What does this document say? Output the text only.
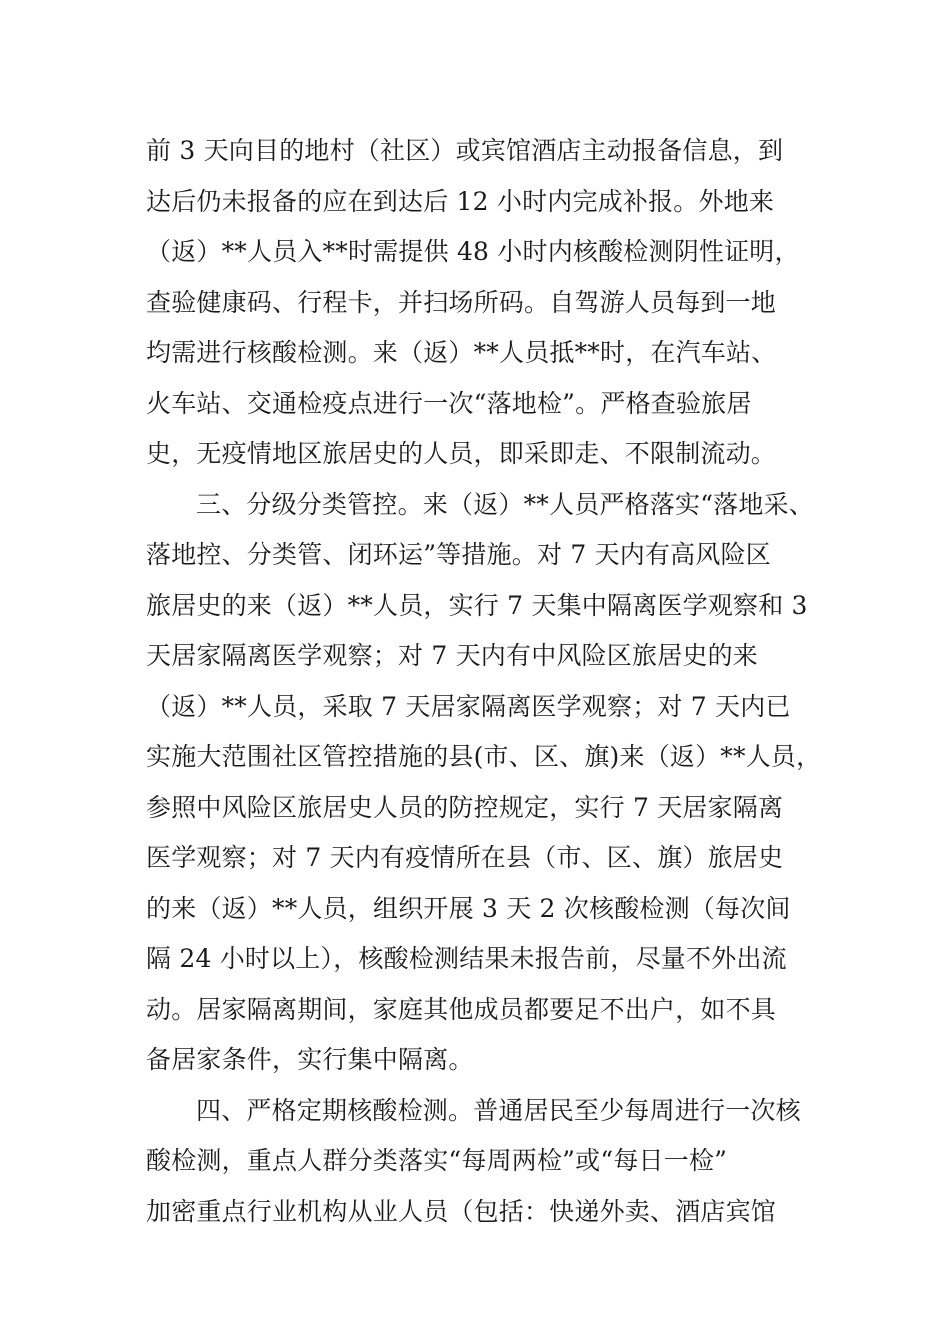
前 3 天向目的地村（社区）或宾馆酒店主动报备信息，到
达后仍未报备的应在到达后 12 小时内完成补报。外地来
（返）**人员入**时需提供 48 小时内核酸检测阴性证明，
查验健康码、行程卡，并扫场所码。自驾游人员每到一地
均需进行核酸检测。来（返）**人员抵**时，在汽车站、
火车站、交通检疫点进行一次“落地检”。严格查验旅居
史，无疫情地区旅居史的人员，即采即走、不限制流动。
三、分级分类管控。来（返）**人员严格落实“落地采、
落地控、分类管、闭环运”等措施。对 7 天内有高风险区
旅居史的来（返）**人员，实行 7 天集中隔离医学观察和 3
天居家隔离医学观察；对 7 天内有中风险区旅居史的来
（返）**人员，采取 7 天居家隔离医学观察；对 7 天内已
实施大范围社区管控措施的县(市、区、旗)来（返）**人员，
参照中风险区旅居史人员的防控规定，实行 7 天居家隔离
医学观察；对 7 天内有疫情所在县（市、区、旗）旅居史
的来（返）**人员，组织开展 3 天 2 次核酸检测（每次间
隔 24 小时以上），核酸检测结果未报告前，尽量不外出流
动。居家隔离期间，家庭其他成员都要足不出户，如不具
备居家条件，实行集中隔离。
四、严格定期核酸检测。普通居民至少每周进行一次核
酸检测，重点人群分类落实“每周两检”或“每日一检”
加密重点行业机构从业人员（包括：快递外卖、酒店宾馆
